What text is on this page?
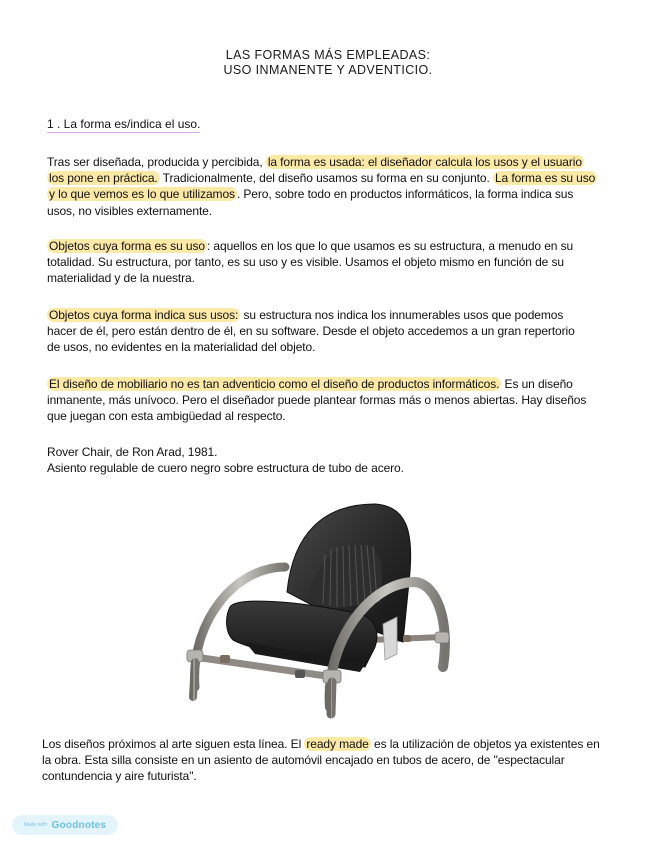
LAS FORMAS MÁS EMPLEADAS:
USO INMANENTE Y ADVENTICIO.
1 . La forma es/indica el uso.
Tras ser diseñada, producida y percibida, la forma es usada: el diseñador calcula los usos y el usuario los pone en práctica. Tradicionalmente, del diseño usamos su forma en su conjunto. La forma es su uso y lo que vemos es lo que utilizamos . Pero, sobre todo en productos informáticos, la forma indica sus usos, no visibles externamente.
Objetos cuya forma es su uso : aquellos en los que lo que usamos es su estructura, a menudo en su totalidad. Su estructura, por tanto, es su uso y es visible. Usamos el objeto mismo en función de su materialidad y de la nuestra.
Objetos cuya forma indica sus usos: su estructura nos indica los innumerables usos que podemos hacer de él, pero están dentro de él, en su software. Desde el objeto accedemos a un gran repertorio de usos, no evidentes en la materialidad del objeto.
El diseño de mobiliario no es tan adventicio como el diseño de productos informáticos. Es un diseño inmanente, más unívoco. Pero el diseñador puede plantear formas más o menos abiertas. Hay diseños que juegan con esta ambigüedad al respecto.
Rover Chair, de Ron Arad, 1981.
Asiento regulable de cuero negro sobre estructura de tubo de acero.
Los diseños próximos al arte siguen esta línea. El ready made es la utilización de objetos ya existentes en la obra. Esta silla consiste en un asiento de automóvil encajado en tubos de acero, de "espectacular contundencia y aire futurista".
Made with Goodnotes
